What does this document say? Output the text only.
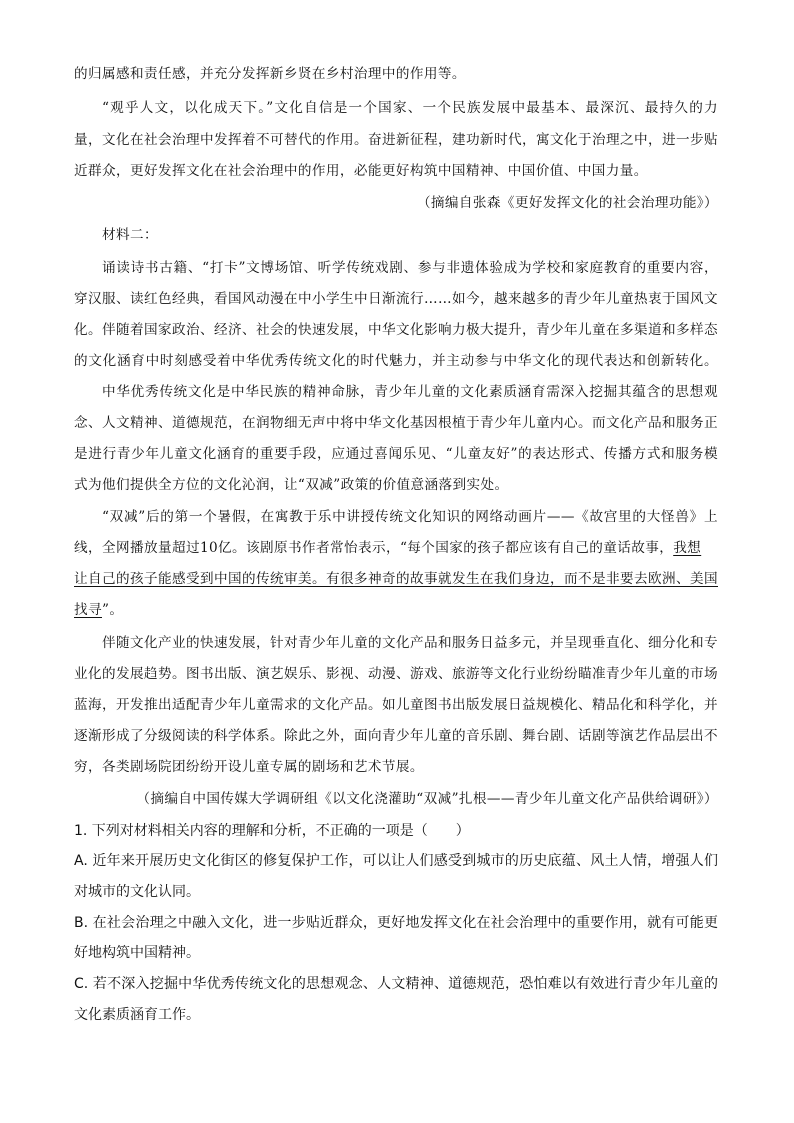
的归属感和责任感，并充分发挥新乡贤在乡村治理中的作用等。
“观乎人文，以化成天下。”文化自信是一个国家、一个民族发展中最基本、最深沉、最持久的力
量，文化在社会治理中发挥着不可替代的作用。奋进新征程，建功新时代，寓文化于治理之中，进一步贴
近群众，更好发挥文化在社会治理中的作用，必能更好构筑中国精神、中国价值、中国力量。
（摘编自张森《更好发挥文化的社会治理功能》）
材料二：
诵读诗书古籍、“打卡”文博场馆、听学传统戏剧、参与非遗体验成为学校和家庭教育的重要内容，
穿汉服、读红色经典，看国风动漫在中小学生中日渐流行……如今，越来越多的青少年儿童热衷于国风文
化。伴随着国家政治、经济、社会的快速发展，中华文化影响力极大提升，青少年儿童在多渠道和多样态
的文化涵育中时刻感受着中华优秀传统文化的时代魅力，并主动参与中华文化的现代表达和创新转化。
中华优秀传统文化是中华民族的精神命脉，青少年儿童的文化素质涵育需深入挖掘其蕴含的思想观
念、人文精神、道德规范，在润物细无声中将中华文化基因根植于青少年儿童内心。而文化产品和服务正
是进行青少年儿童文化涵育的重要手段，应通过喜闻乐见、“儿童友好”的表达形式、传播方式和服务模
式为他们提供全方位的文化沁润，让“双减”政策的价值意涵落到实处。
“双减”后的第一个暑假，在寓教于乐中讲授传统文化知识的网络动画片——《故宫里的大怪兽》上
线，全网播放量超过10亿。该剧原书作者常怡表示，“每个国家的孩子都应该有自己的童话故事，我想
让自己的孩子能感受到中国的传统审美。有很多神奇的故事就发生在我们身边，而不是非要去欧洲、美国
找寻”。
伴随文化产业的快速发展，针对青少年儿童的文化产品和服务日益多元，并呈现垂直化、细分化和专
业化的发展趋势。图书出版、演艺娱乐、影视、动漫、游戏、旅游等文化行业纷纷瞄准青少年儿童的市场
蓝海，开发推出适配青少年儿童需求的文化产品。如儿童图书出版发展日益规模化、精品化和科学化，并
逐渐形成了分级阅读的科学体系。除此之外，面向青少年儿童的音乐剧、舞台剧、话剧等演艺作品层出不
穷，各类剧场院团纷纷开设儿童专属的剧场和艺术节展。
（摘编自中国传媒大学调研组《以文化浇灌助“双减”扎根——青少年儿童文化产品供给调研》）
1. 下列对材料相关内容的理解和分析，不正确的一项是（　　）
A. 近年来开展历史文化街区的修复保护工作，可以让人们感受到城市的历史底蕴、风土人情，增强人们
对城市的文化认同。
B. 在社会治理之中融入文化，进一步贴近群众，更好地发挥文化在社会治理中的重要作用，就有可能更
好地构筑中国精神。
C. 若不深入挖掘中华优秀传统文化的思想观念、人文精神、道德规范，恐怕难以有效进行青少年儿童的
文化素质涵育工作。
